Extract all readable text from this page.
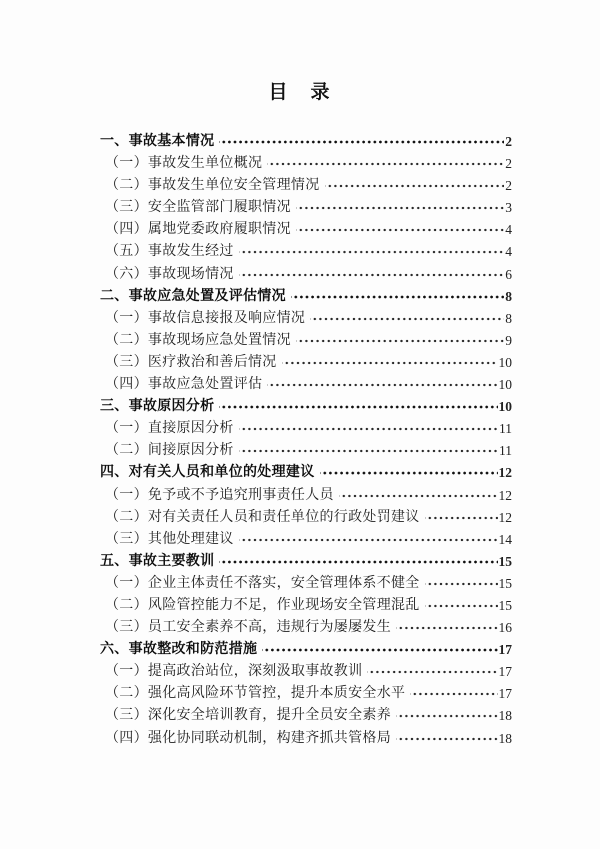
目　录
一、事故基本情况	2
（一）事故发生单位概况	2
（二）事故发生单位安全管理情况	2
（三）安全监管部门履职情况	3
（四）属地党委政府履职情况	4
（五）事故发生经过	4
（六）事故现场情况	6
二、事故应急处置及评估情况	8
（一）事故信息接报及响应情况	8
（二）事故现场应急处置情况	9
（三）医疗救治和善后情况	10
（四）事故应急处置评估	10
三、事故原因分析	10
（一）直接原因分析	11
（二）间接原因分析	11
四、对有关人员和单位的处理建议	12
（一）免予或不予追究刑事责任人员	12
（二）对有关责任人员和责任单位的行政处罚建议	12
（三）其他处理建议	14
五、事故主要教训	15
（一）企业主体责任不落实，安全管理体系不健全	15
（二）风险管控能力不足，作业现场安全管理混乱	15
（三）员工安全素养不高，违规行为屡屡发生	16
六、事故整改和防范措施	17
（一）提高政治站位，深刻汲取事故教训	17
（二）强化高风险环节管控，提升本质安全水平	17
（三）深化安全培训教育，提升全员安全素养	18
（四）强化协同联动机制，构建齐抓共管格局	18
